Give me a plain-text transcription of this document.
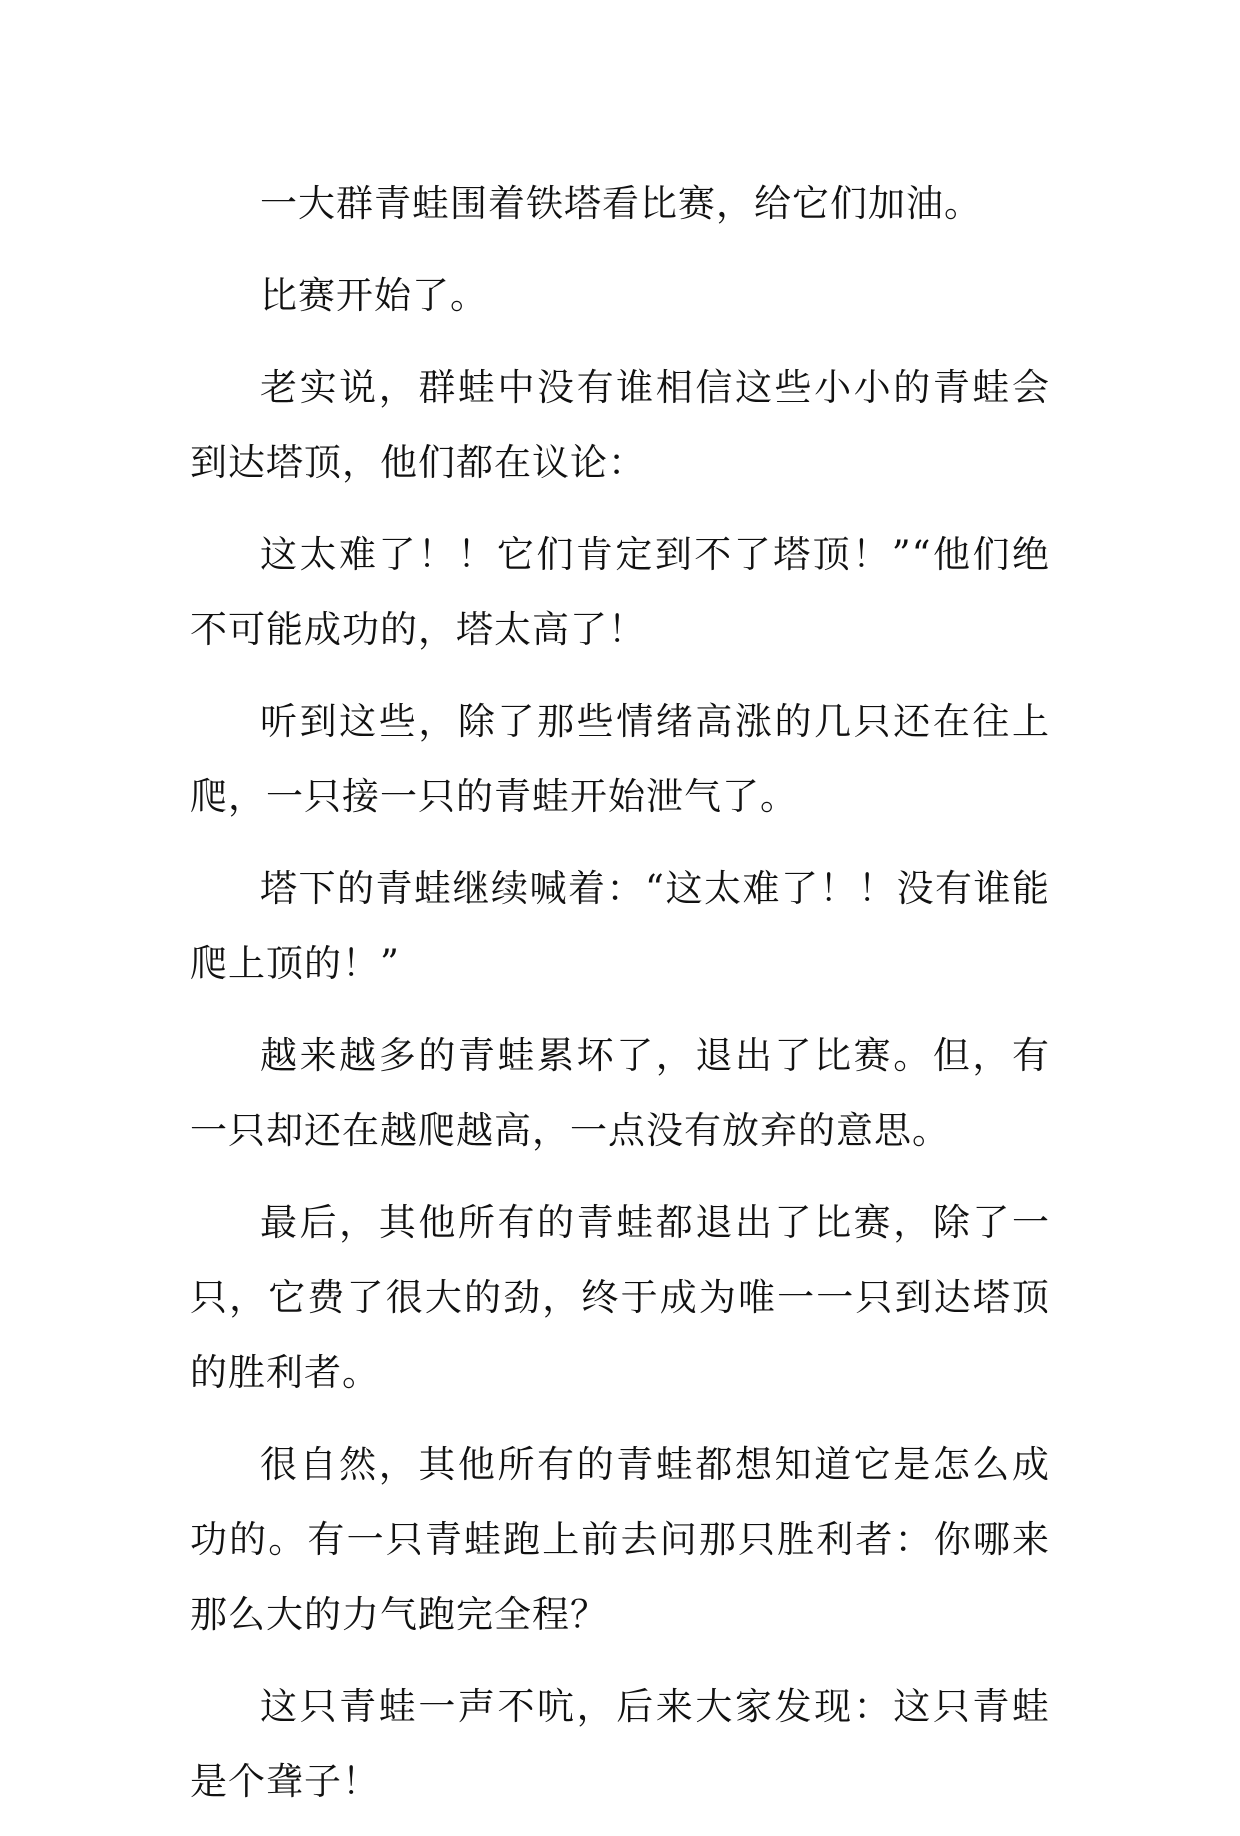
一大群青蛙围着铁塔看比赛，给它们加油。

比赛开始了。

老实说，群蛙中没有谁相信这些小小的青蛙会到达塔顶，他们都在议论：

这太难了！！它们肯定到不了塔顶！”“他们绝不可能成功的，塔太高了！

听到这些，除了那些情绪高涨的几只还在往上爬，一只接一只的青蛙开始泄气了。

塔下的青蛙继续喊着：“这太难了！！没有谁能爬上顶的！”

越来越多的青蛙累坏了，退出了比赛。但，有一只却还在越爬越高，一点没有放弃的意思。

最后，其他所有的青蛙都退出了比赛，除了一只，它费了很大的劲，终于成为唯一一只到达塔顶的胜利者。

很自然，其他所有的青蛙都想知道它是怎么成功的。有一只青蛙跑上前去问那只胜利者：你哪来那么大的力气跑完全程？

这只青蛙一声不吭，后来大家发现：这只青蛙是个聋子！
